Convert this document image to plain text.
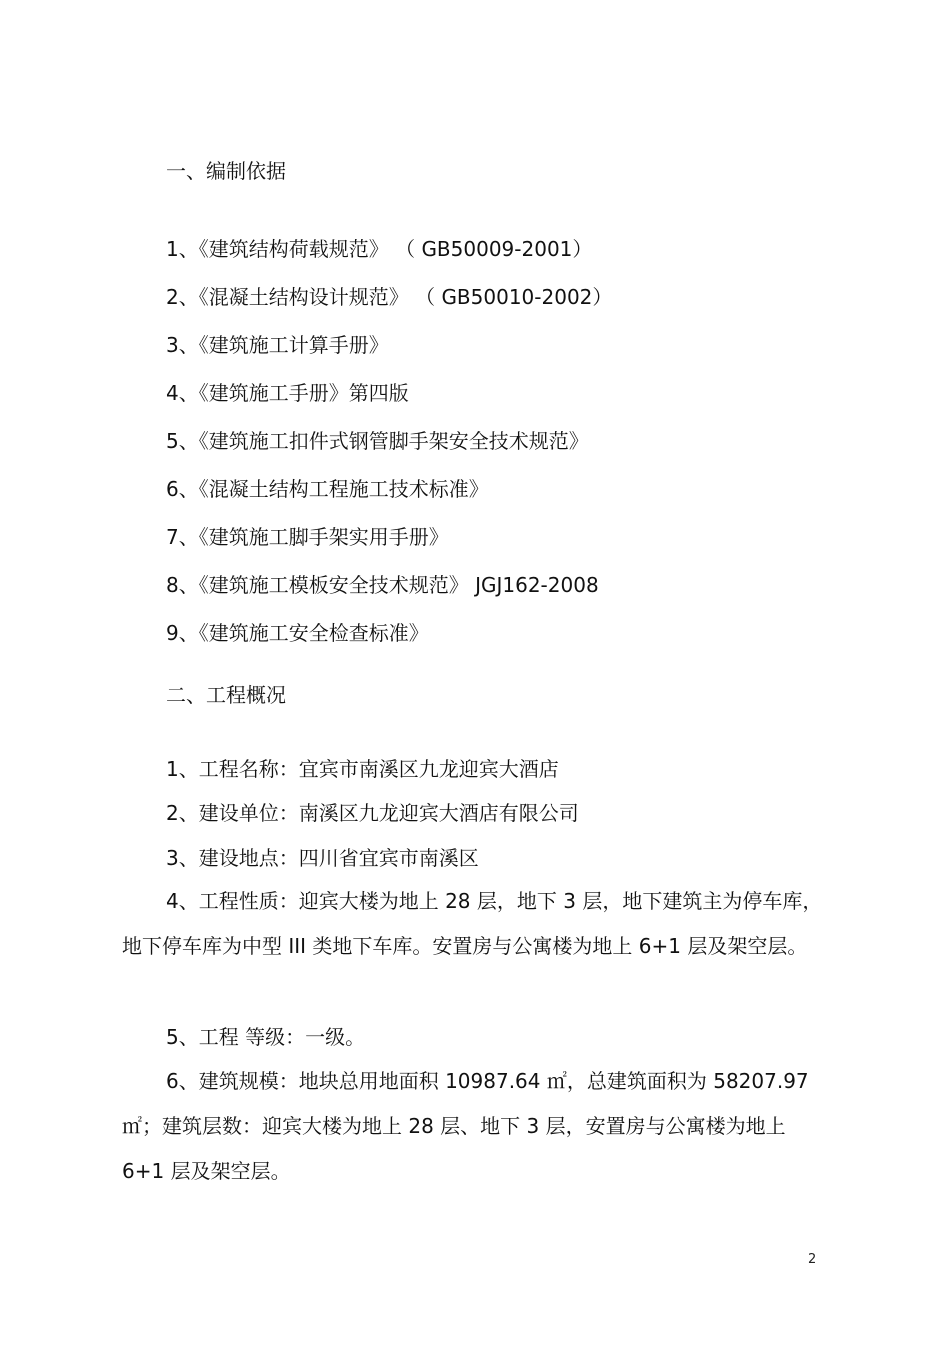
一、编制依据
1、《建筑结构荷载规范》 （ GB50009-2001）
2、《混凝土结构设计规范》 （ GB50010-2002）
3、《建筑施工计算手册》
4、《建筑施工手册》第四版
5、《建筑施工扣件式钢管脚手架安全技术规范》
6、《混凝土结构工程施工技术标准》
7、《建筑施工脚手架实用手册》
8、《建筑施工模板安全技术规范》 JGJ162-2008
9、《建筑施工安全检查标准》
二、工程概况
1、工程名称：宜宾市南溪区九龙迎宾大酒店
2、建设单位：南溪区九龙迎宾大酒店有限公司
3、建设地点：四川省宜宾市南溪区
4、工程性质：迎宾大楼为地上 28 层，地下 3 层，地下建筑主为停车库，地下停车库为中型 III 类地下车库。安置房与公寓楼为地上 6+1 层及架空层。
5、工程 等级：一级。
6、建筑规模：地块总用地面积 10987.64 ㎡，总建筑面积为 58207.97 ㎡；建筑层数：迎宾大楼为地上 28 层、地下 3 层，安置房与公寓楼为地上 6+1 层及架空层。
2
